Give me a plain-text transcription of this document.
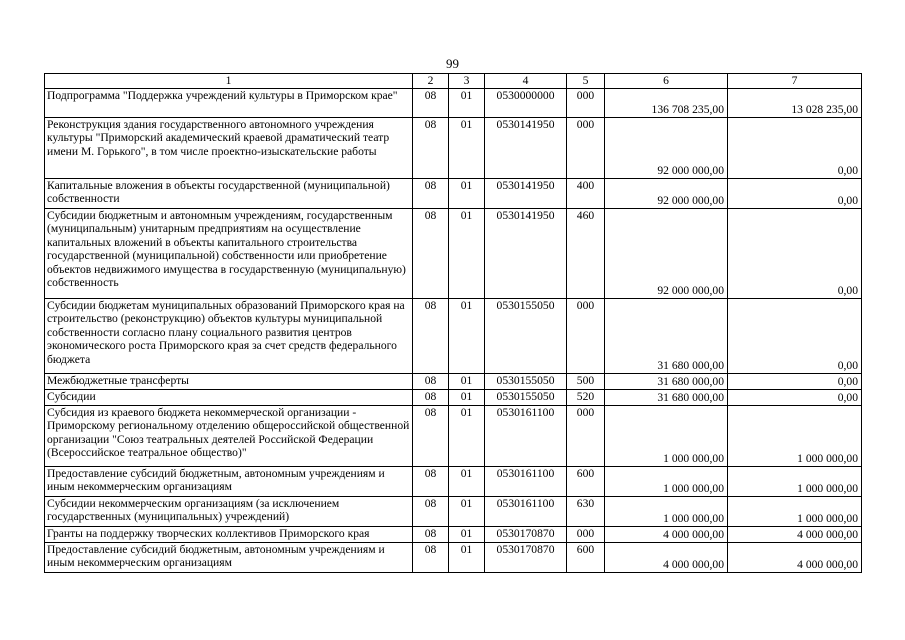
99
1	2	3	4	5	6	7
Подпрограмма "Поддержка учреждений культуры в Приморском крае"	08	01	0530000000	000	136 708 235,00	13 028 235,00
Реконструкция здания государственного автономного учреждения культуры "Приморский академический краевой драматический театр имени М. Горького", в том числе проектно-изыскательские работы	08	01	0530141950	000	92 000 000,00	0,00
Капитальные вложения в объекты государственной (муниципальной) собственности	08	01	0530141950	400	92 000 000,00	0,00
Субсидии бюджетным и автономным учреждениям, государственным (муниципальным) унитарным предприятиям на осуществление капитальных вложений в объекты капитального строительства государственной (муниципальной) собственности или приобретение объектов недвижимого имущества в государственную (муниципальную) собственность	08	01	0530141950	460	92 000 000,00	0,00
Субсидии бюджетам муниципальных образований Приморского края на строительство (реконструкцию) объектов культуры муниципальной собственности согласно плану социального развития центров экономического роста Приморского края за счет средств федерального бюджета	08	01	0530155050	000	31 680 000,00	0,00
Межбюджетные трансферты	08	01	0530155050	500	31 680 000,00	0,00
Субсидии	08	01	0530155050	520	31 680 000,00	0,00
Субсидия из краевого бюджета некоммерческой организации - Приморскому региональному отделению общероссийской общественной организации "Союз театральных деятелей Российской Федерации (Всероссийское театральное общество)"	08	01	0530161100	000	1 000 000,00	1 000 000,00
Предоставление субсидий бюджетным, автономным учреждениям и иным некоммерческим организациям	08	01	0530161100	600	1 000 000,00	1 000 000,00
Субсидии некоммерческим организациям (за исключением государственных (муниципальных) учреждений)	08	01	0530161100	630	1 000 000,00	1 000 000,00
Гранты на поддержку творческих коллективов Приморского края	08	01	0530170870	000	4 000 000,00	4 000 000,00
Предоставление субсидий бюджетным, автономным учреждениям и иным некоммерческим организациям	08	01	0530170870	600	4 000 000,00	4 000 000,00
